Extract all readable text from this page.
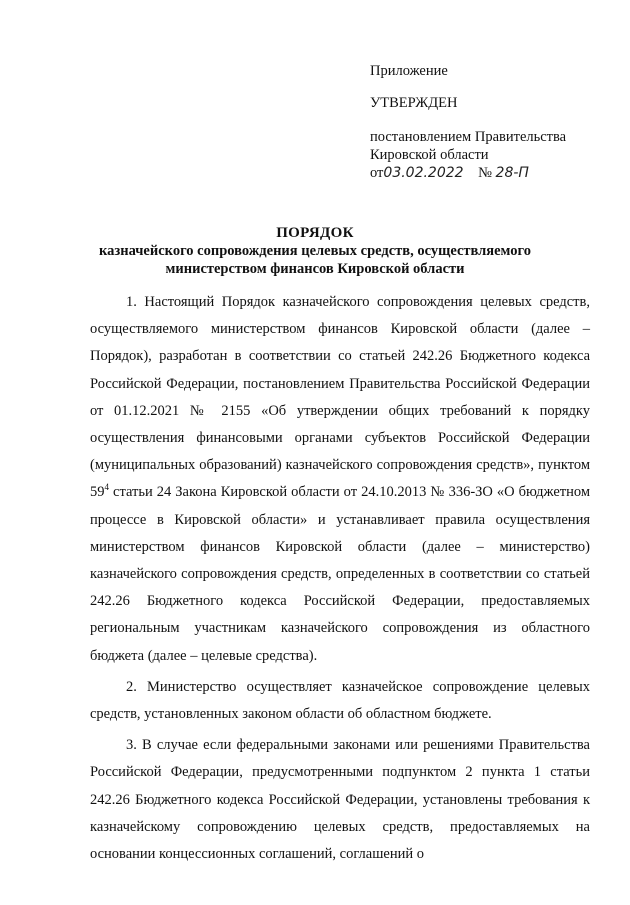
Приложение
УТВЕРЖДЕН
постановлением Правительства
Кировской области
от03.02.2022 № 28-П
ПОРЯДОК
казначейского сопровождения целевых средств, осуществляемого
министерством финансов Кировской области

1. Настоящий Порядок казначейского сопровождения целевых средств, осуществляемого министерством финансов Кировской области (далее – Порядок), разработан в соответствии со статьей 242.26 Бюджетного кодекса Российской Федерации, постановлением Правительства Российской Федерации от 01.12.2021 № 2155 «Об утверждении общих требований к порядку осуществления финансовыми органами субъектов Российской Федерации (муниципальных образований) казначейского сопровождения средств», пунктом $59^4$ статьи 24 Закона Кировской области от 24.10.2013 № 336-ЗО «О бюджетном процессе в Кировской области» и устанавливает правила осуществления министерством финансов Кировской области (далее – министерство) казначейского сопровождения средств, определенных в соответствии со статьей 242.26 Бюджетного кодекса Российской Федерации, предоставляемых региональным участникам казначейского сопровождения из областного бюджета (далее – целевые средства).

2. Министерство осуществляет казначейское сопровождение целевых средств, установленных законом области об областном бюджете.

3. В случае если федеральными законами или решениями Правительства Российской Федерации, предусмотренными подпунктом 2 пункта 1 статьи 242.26 Бюджетного кодекса Российской Федерации, установлены требования к казначейскому сопровождению целевых средств, предоставляемых на основании концессионных соглашений, соглашений о
